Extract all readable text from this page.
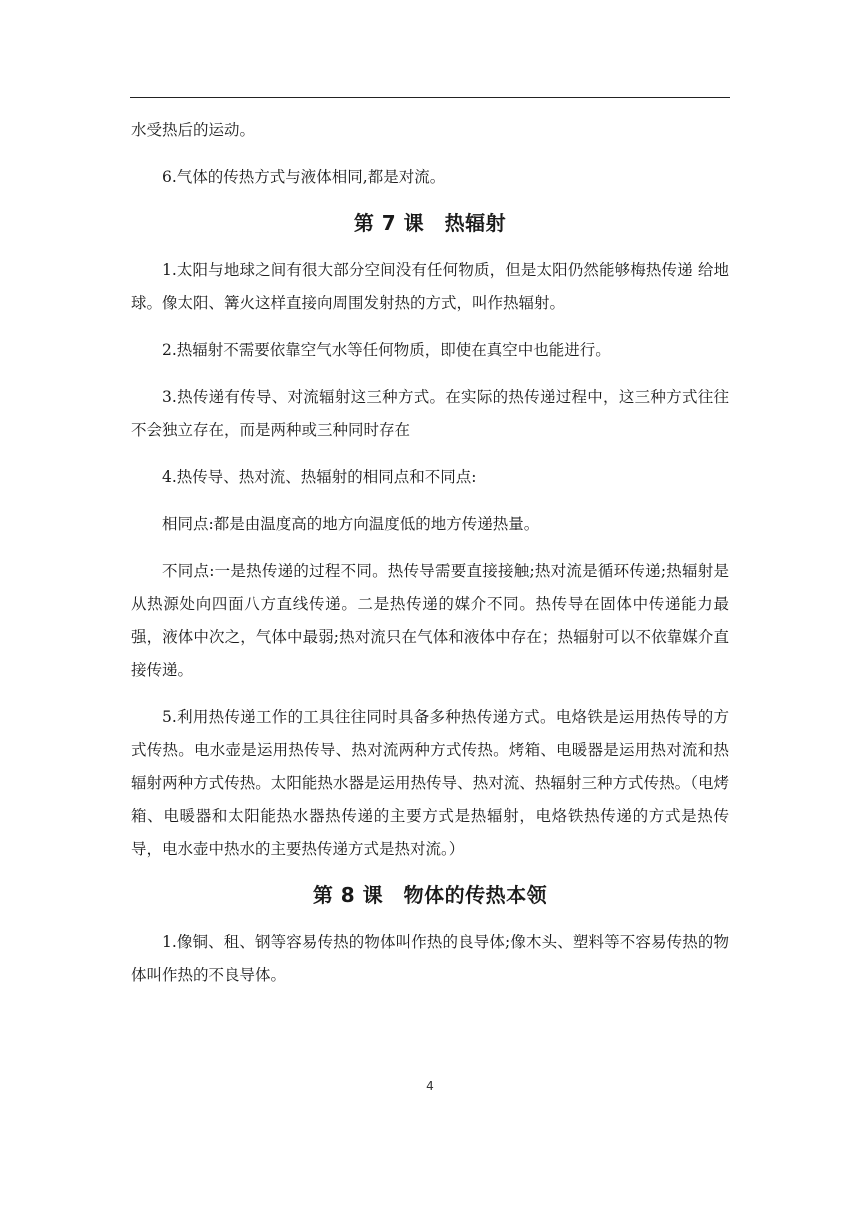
水受热后的运动。

6.气体的传热方式与液体相同,都是对流。

第 7 课　热辐射

1.太阳与地球之间有很大部分空间没有任何物质，但是太阳仍然能够梅热传递 给地球。像太阳、篝火这样直接向周围发射热的方式，叫作热辐射。

2.热辐射不需要依靠空气水等任何物质，即使在真空中也能进行。

3.热传递有传导、对流辐射这三种方式。在实际的热传递过程中，这三种方式往往不会独立存在，而是两种或三种同时存在

4.热传导、热对流、热辐射的相同点和不同点:

相同点:都是由温度高的地方向温度低的地方传递热量。

不同点:一是热传递的过程不同。热传导需要直接接触;热对流是循环传递;热辐射是从热源处向四面八方直线传递。二是热传递的媒介不同。热传导在固体中传递能力最强，液体中次之，气体中最弱;热对流只在气体和液体中存在；热辐射可以不依靠媒介直接传递。

5.利用热传递工作的工具往往同时具备多种热传递方式。电烙铁是运用热传导的方式传热。电水壶是运用热传导、热对流两种方式传热。烤箱、电暖器是运用热对流和热辐射两种方式传热。太阳能热水器是运用热传导、热对流、热辐射三种方式传热。（电烤箱、电暖器和太阳能热水器热传递的主要方式是热辐射，电烙铁热传递的方式是热传导，电水壶中热水的主要热传递方式是热对流。）

第 8 课　物体的传热本领

1.像铜、租、钢等容易传热的物体叫作热的良导体;像木头、塑料等不容易传热的物体叫作热的不良导体。

4
